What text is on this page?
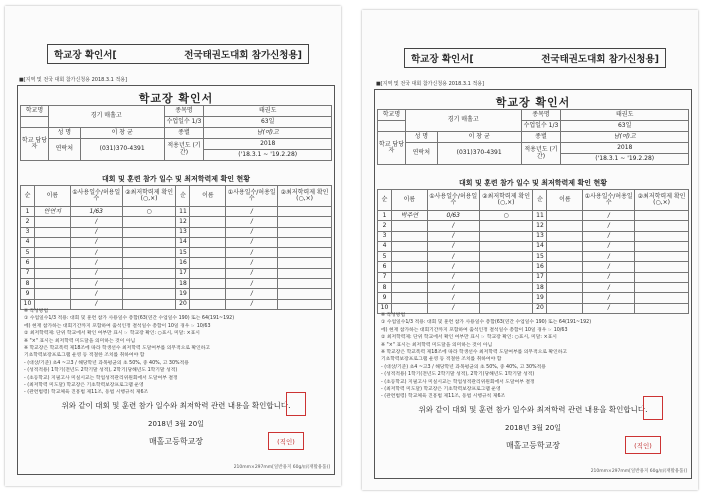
학교장 확인서[	전국태권도대회 참가신청용]
■[지역 및 전국 대회 참가신청용 2018.3.1 적용]
학교장 확인서
학교명	경기 매홀고		종목명	태권도
			수업일수 1/3	63일
학교 담당자	성 명	이 창 균	종별	남(여)고
	연락처	(031)370-4391	적용년도 (기간)	2018
				('18.3.1 ~ '19.2.28)
대회 및 훈련 참가 일수 및 최저학력제 확인 현황
순	이름	①사용일수/허용일수	②최저학력제 확인(○,×)	순	이름	①사용일수/허용일수	②최저학력제 확인(○,×)
1	안연지	1/63	○	11		/	
2		/		12		/	
3		/		13		/	
4		/		14		/	
5		/		15		/	
6		/		16		/	
7		/		17		/	
8		/		18		/	
9		/		19		/	
10		/		20		/	
※ 작성방법
① 수업일수1/3 적용: 대회 및 훈련 참가 사용일수 총합(63(연간 수업일수 190) 또는 64(191~192)
에) 현재 참가하는 대회기간까지 포함하여 출석인정 결석일수 총합이 10일 경우 ☞ 10/63
② 최저학력제: 단위 학교에서 확인 여부만 표시 ☞ 학교장 확인: ○표시, 미달: ×표시
※ "×" 표시는 최저학력 미도달을 의미하는 것이 아님
※ 학교장은 학교폭력 제18조에 따라 학생선수 최저학력 도달여부를 의무적으로 확인하고
기초학력보장프로그램 운영 등 적절한 조치를 취하여야 함
- (대상/기준) 초4 ~고3 / 해당학년 과목평균의 초 50%, 중 40%, 고 30%적용
- (성적적용) 1학기(전년도 2학기말 성적), 2학기(당해년도 1학기말 성적)
- (초등학교) 지필고사 미실시교는 학업성적관리위원회에서 도달여부 결정
- (최저학력 미도달) 학교장은 기초학력보장프로그램 운영
- (관련법령) 학교체육 진흥법 제11조, 동법 시행규칙 제6조
위와 같이 대회 및 훈련 참가 일수와 최저학력 관련 내용을 확인합니다.
2018년 3월 20일
매홀고등학교장	(직인)
210mm×297mm[일반용지 60g/㎡(재활용품)]
학교장 확인서[	전국태권도대회 참가신청용]
■[지역 및 전국 대회 참가신청용 2018.3.1 적용]
학교장 확인서
학교명	경기 매홀고		종목명	태권도
			수업일수 1/3	63일
학교 담당자	성 명	이 창 균	종별	남(여)고
	연락처	(031)370-4391	적용년도 (기간)	2018
				('18.3.1 ~ '19.2.28)
대회 및 훈련 참가 일수 및 최저학력제 확인 현황
순	이름	①사용일수/허용일수	②최저학력제 확인(○,×)	순	이름	①사용일수/허용일수	②최저학력제 확인(○,×)
1	박주연	0/63	○	11		/	
2		/		12		/	
3		/		13		/	
4		/		14		/	
5		/		15		/	
6		/		16		/	
7		/		17		/	
8		/		18		/	
9		/		19		/	
10		/		20		/	
※ 작성방법
① 수업일수1/3 적용: 대회 및 훈련 참가 사용일수 총합(63(연간 수업일수 190) 또는 64(191~192)
에) 현재 참가하는 대회기간까지 포함하여 출석인정 결석일수 총합이 10일 경우 ☞ 10/63
② 최저학력제: 단위 학교에서 확인 여부만 표시 ☞ 학교장 확인: ○표시, 미달: ×표시
※ "×" 표시는 최저학력 미도달을 의미하는 것이 아님
※ 학교장은 학교폭력 제18조에 따라 학생선수 최저학력 도달여부를 의무적으로 확인하고
기초학력보장프로그램 운영 등 적절한 조치를 취하여야 함
- (대상/기준) 초4 ~고3 / 해당학년 과목평균의 초 50%, 중 40%, 고 30%적용
- (성적적용) 1학기(전년도 2학기말 성적), 2학기(당해년도 1학기말 성적)
- (초등학교) 지필고사 미실시교는 학업성적관리위원회에서 도달여부 결정
- (최저학력 미도달) 학교장은 기초학력보장프로그램 운영
- (관련법령) 학교체육 진흥법 제11조, 동법 시행규칙 제6조
위와 같이 대회 및 훈련 참가 일수와 최저학력 관련 내용을 확인합니다.
2018년 3월 20일
매홀고등학교장	(직인)
210mm×297mm[일반용지 60g/㎡(재활용품)]
